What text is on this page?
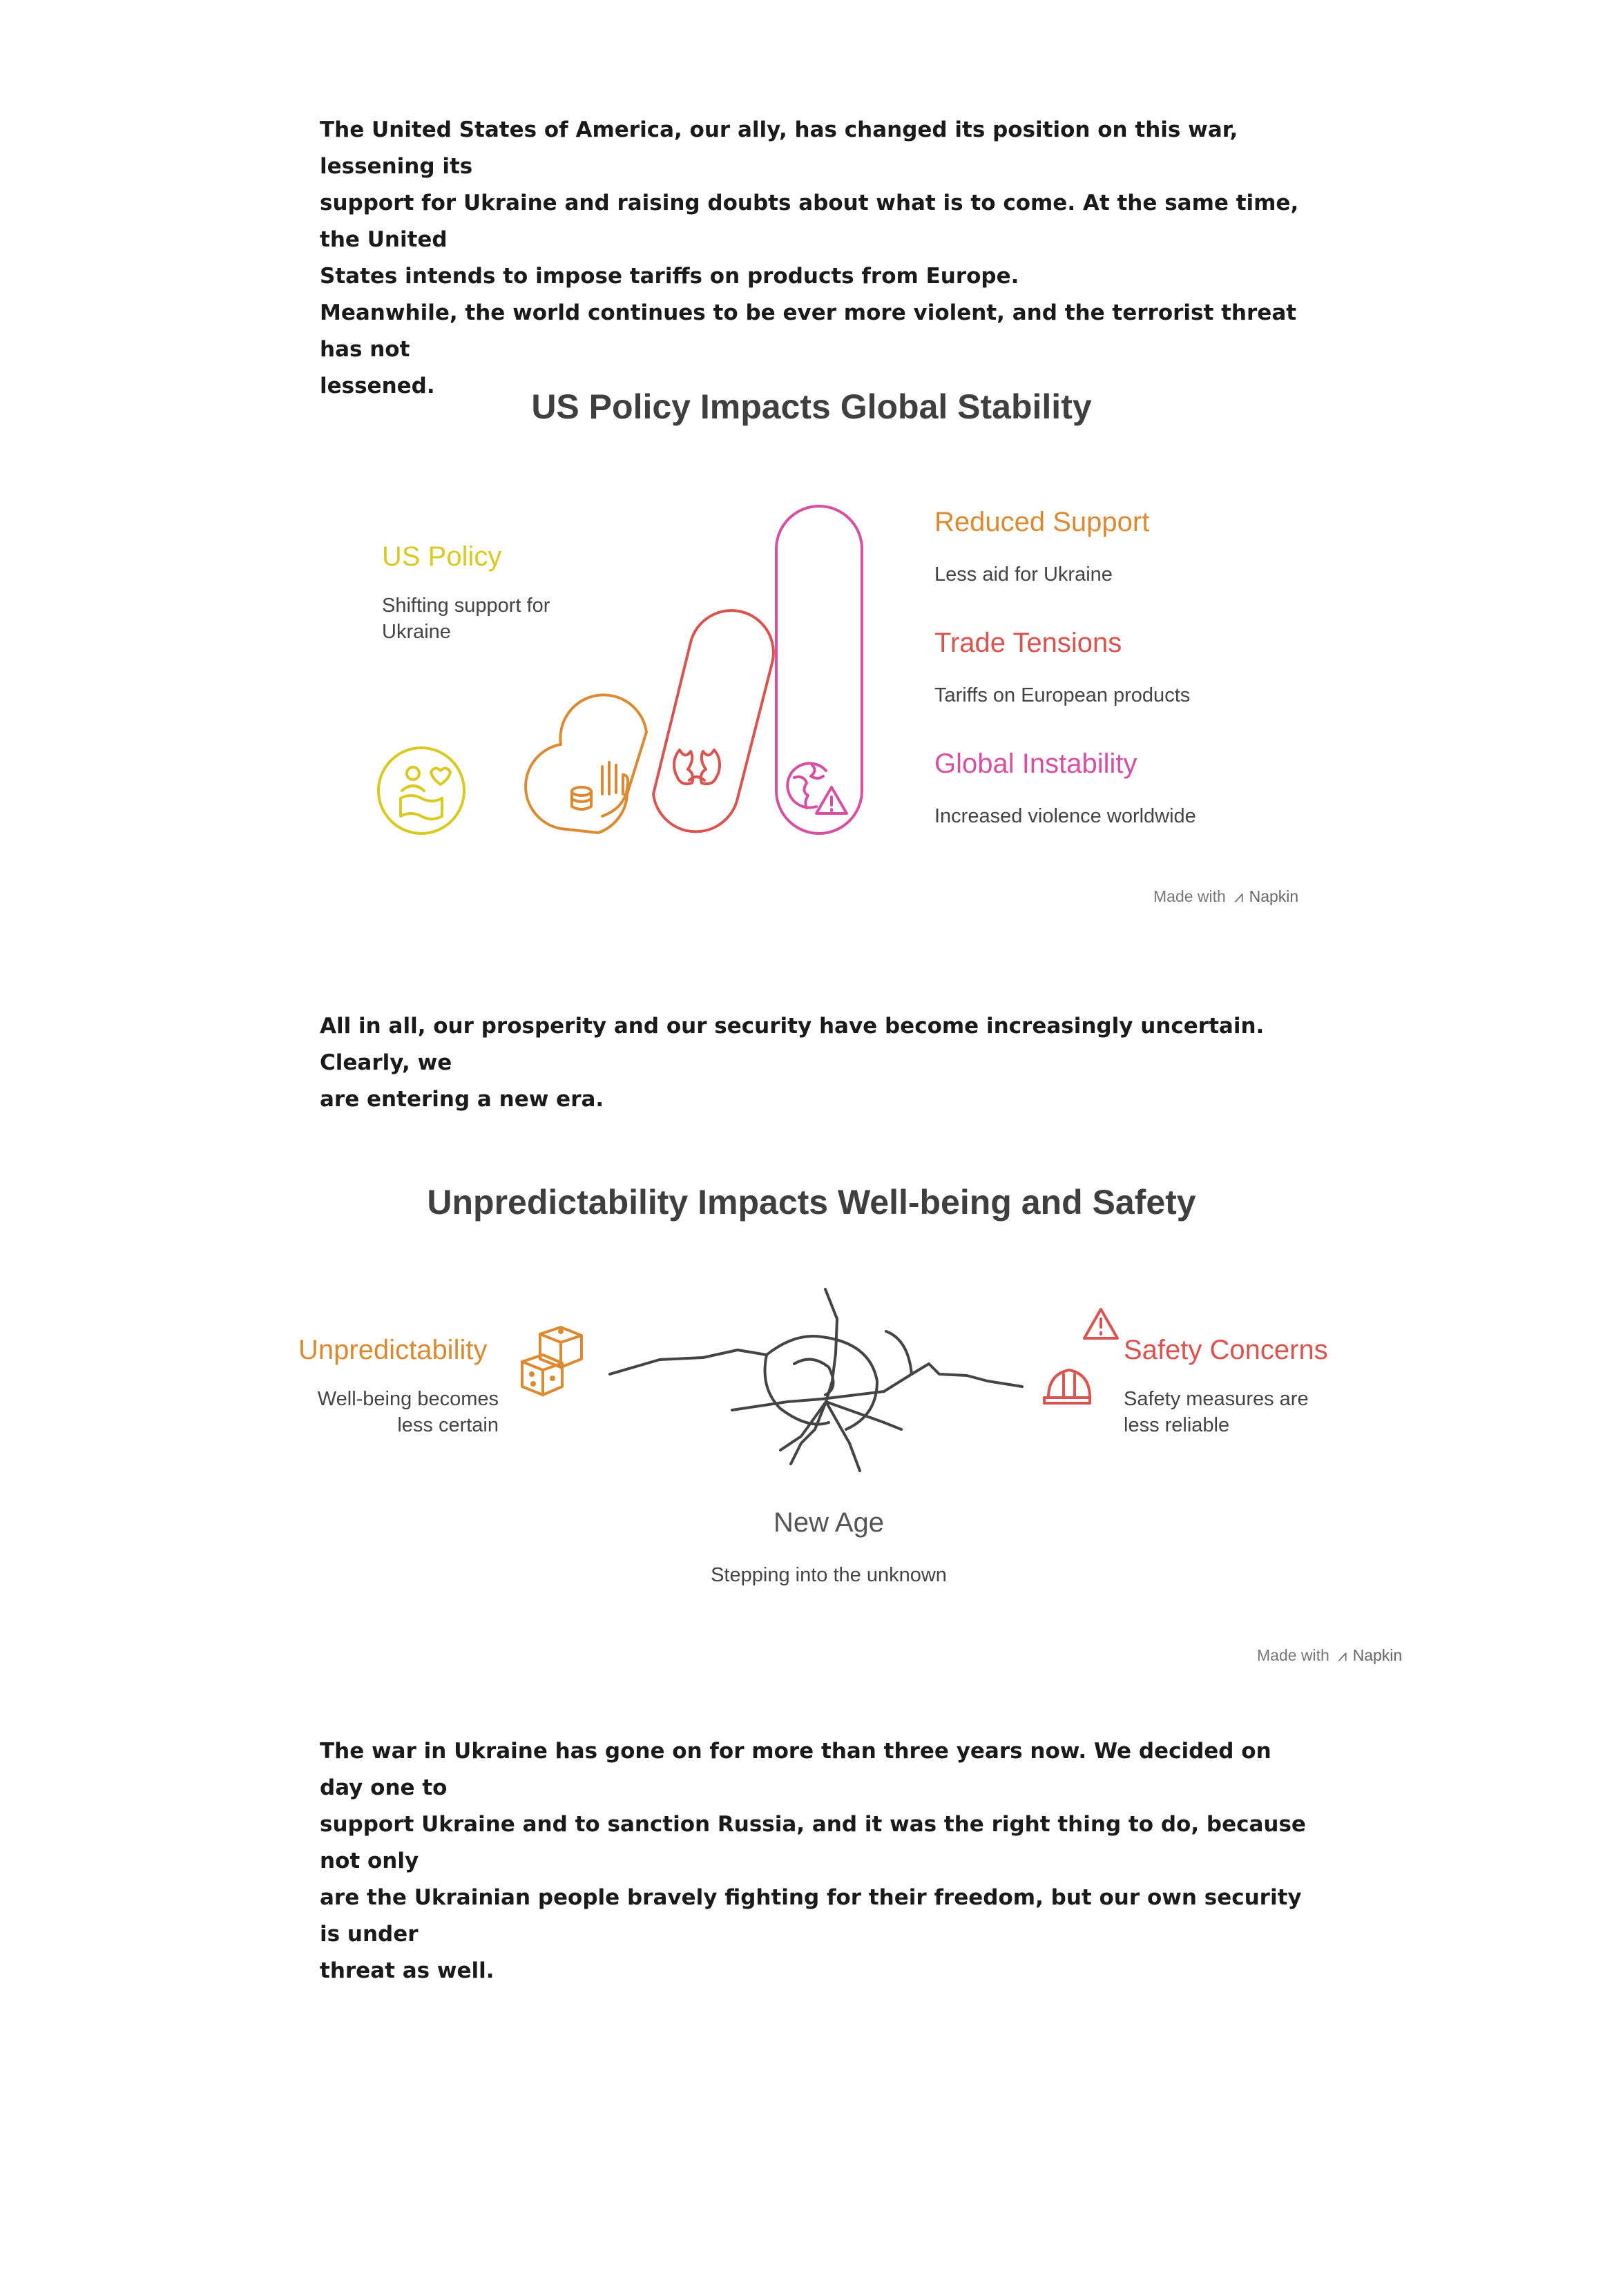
The United States of America, our ally, has changed its position on this war, lessening its
support for Ukraine and raising doubts about what is to come. At the same time, the United
States intends to impose tariffs on products from Europe.
Meanwhile, the world continues to be ever more violent, and the terrorist threat has not
lessened.
US Policy Impacts Global Stability
US Policy
Shifting support for
Ukraine
Reduced Support
Less aid for Ukraine
Trade Tensions
Tariffs on European products
Global Instability
Increased violence worldwide
Made with ⩘ Napkin
All in all, our prosperity and our security have become increasingly uncertain. Clearly, we
are entering a new era.
Unpredictability Impacts Well-being and Safety
Unpredictability
Well-being becomes
less certain
Safety Concerns
Safety measures are
less reliable
New Age
Stepping into the unknown
Made with ⩘ Napkin
The war in Ukraine has gone on for more than three years now. We decided on day one to
support Ukraine and to sanction Russia, and it was the right thing to do, because not only
are the Ukrainian people bravely fighting for their freedom, but our own security is under
threat as well.
